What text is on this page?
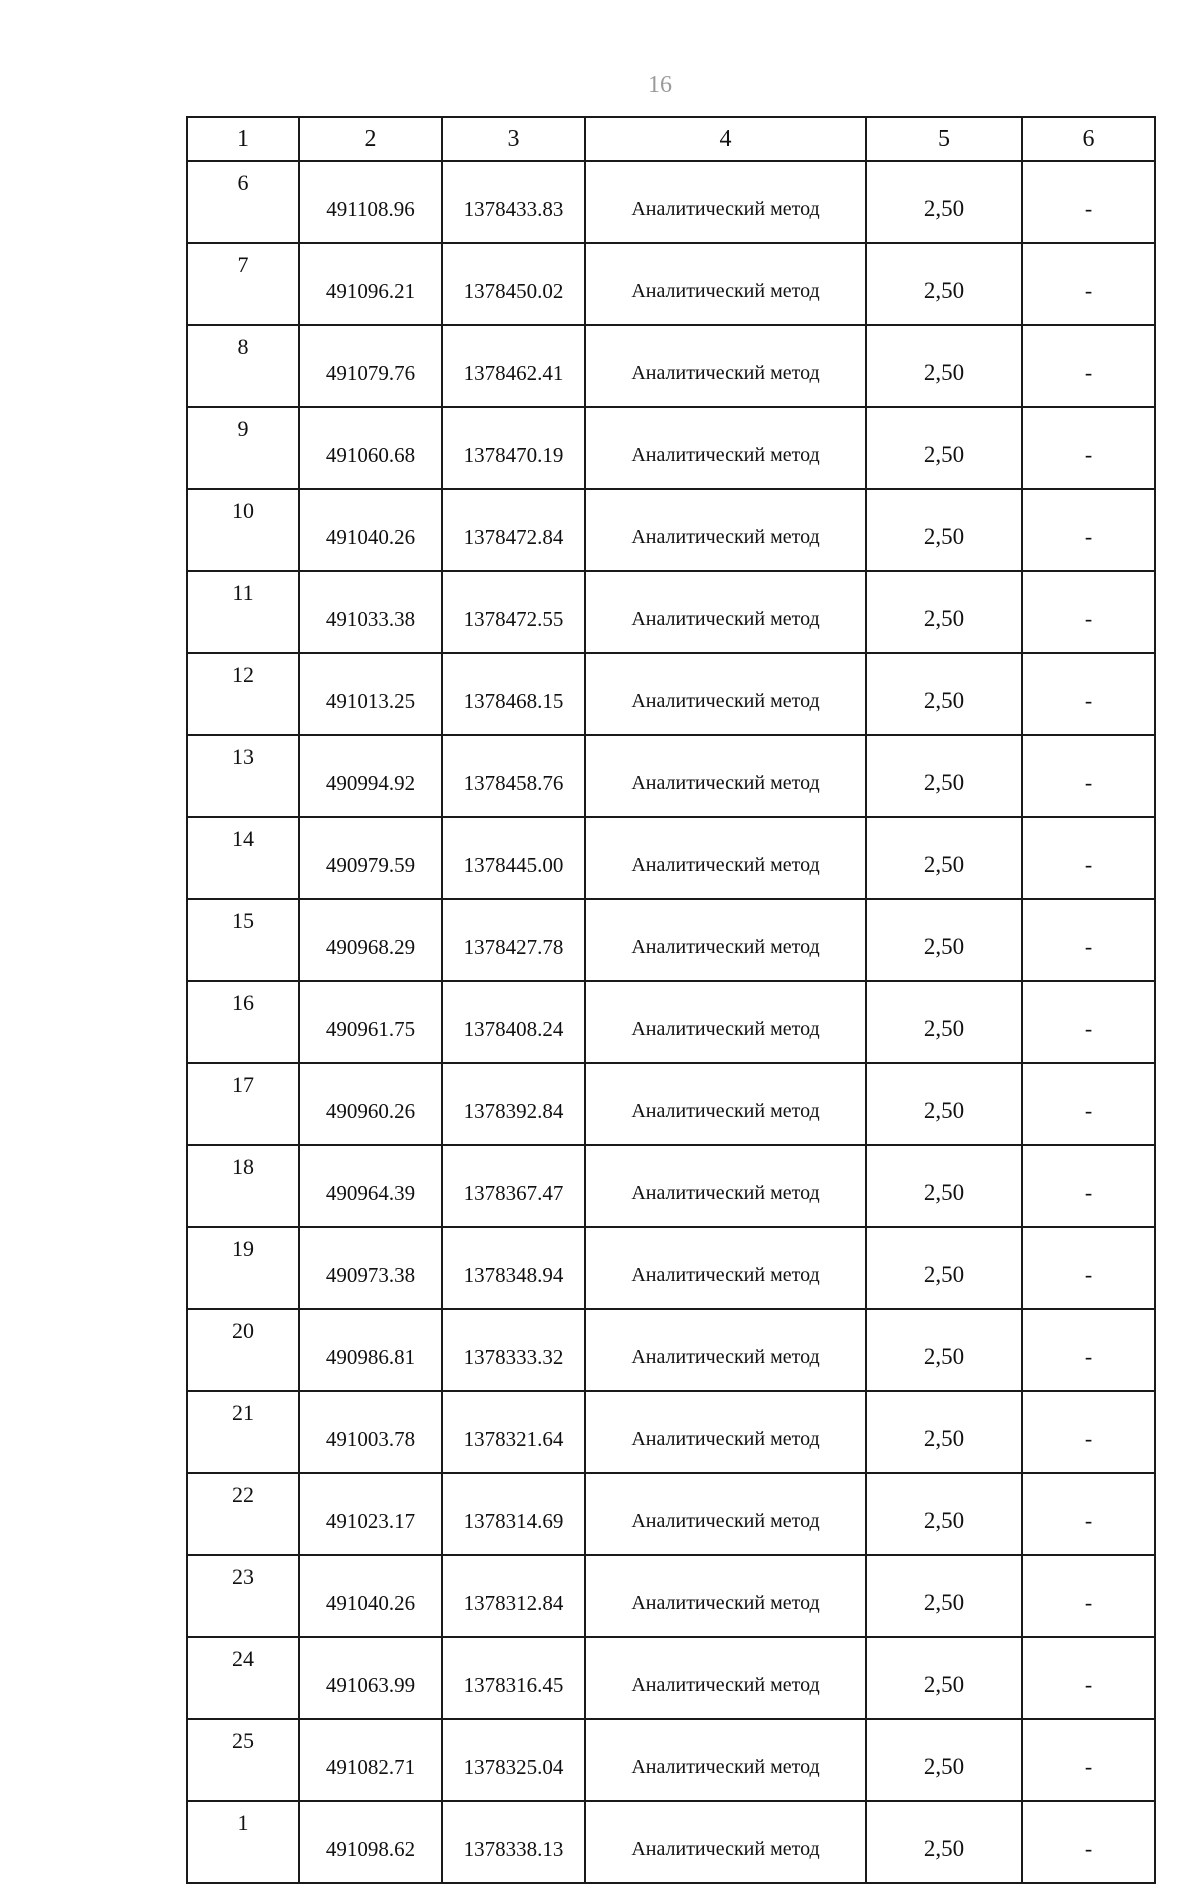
16
1	2	3	4	5	6
6	491108.96	1378433.83	Аналитический метод	2,50	-
7	491096.21	1378450.02	Аналитический метод	2,50	-
8	491079.76	1378462.41	Аналитический метод	2,50	-
9	491060.68	1378470.19	Аналитический метод	2,50	-
10	491040.26	1378472.84	Аналитический метод	2,50	-
11	491033.38	1378472.55	Аналитический метод	2,50	-
12	491013.25	1378468.15	Аналитический метод	2,50	-
13	490994.92	1378458.76	Аналитический метод	2,50	-
14	490979.59	1378445.00	Аналитический метод	2,50	-
15	490968.29	1378427.78	Аналитический метод	2,50	-
16	490961.75	1378408.24	Аналитический метод	2,50	-
17	490960.26	1378392.84	Аналитический метод	2,50	-
18	490964.39	1378367.47	Аналитический метод	2,50	-
19	490973.38	1378348.94	Аналитический метод	2,50	-
20	490986.81	1378333.32	Аналитический метод	2,50	-
21	491003.78	1378321.64	Аналитический метод	2,50	-
22	491023.17	1378314.69	Аналитический метод	2,50	-
23	491040.26	1378312.84	Аналитический метод	2,50	-
24	491063.99	1378316.45	Аналитический метод	2,50	-
25	491082.71	1378325.04	Аналитический метод	2,50	-
1	491098.62	1378338.13	Аналитический метод	2,50	-
